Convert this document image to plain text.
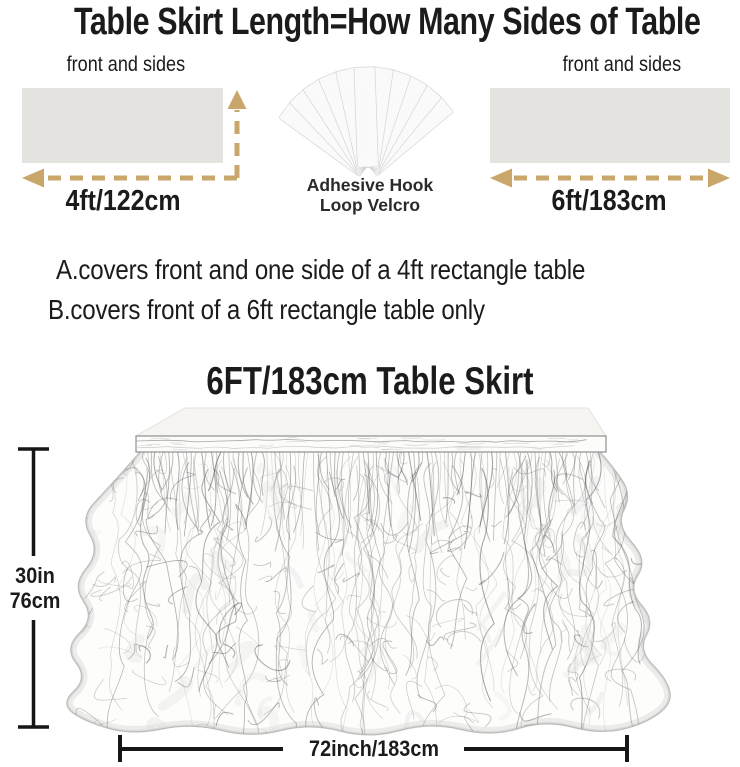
Table Skirt Length=How Many Sides of Table
front and sides	front and sides
Adhesive Hook
Loop Velcro
4ft/122cm	6ft/183cm
A.covers front and one side of a 4ft rectangle table
B.covers front of a 6ft rectangle table only
6FT/183cm Table Skirt
30in
76cm
72inch/183cm
